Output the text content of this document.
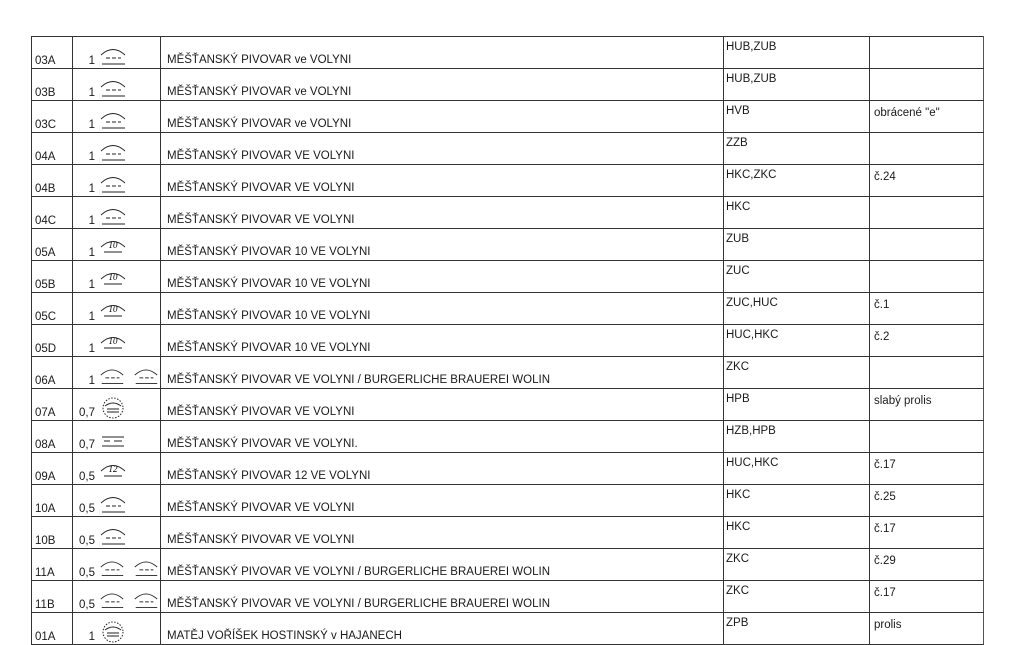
03A	1		MĚŠŤANSKÝ PIVOVAR ve VOLYNI	HUB,ZUB	
03B	1		MĚŠŤANSKÝ PIVOVAR ve VOLYNI	HUB,ZUB	
03C	1		MĚŠŤANSKÝ PIVOVAR ve VOLYNI	HVB	obrácené "e"
04A	1		MĚŠŤANSKÝ PIVOVAR VE VOLYNI	ZZB	
04B	1		MĚŠŤANSKÝ PIVOVAR VE VOLYNI	HKC,ZKC	č.24
04C	1		MĚŠŤANSKÝ PIVOVAR VE VOLYNI	HKC	
05A	1	10	MĚŠŤANSKÝ PIVOVAR 10 VE VOLYNI	ZUB	
05B	1	10	MĚŠŤANSKÝ PIVOVAR 10 VE VOLYNI	ZUC	
05C	1	10	MĚŠŤANSKÝ PIVOVAR 10 VE VOLYNI	ZUC,HUC	č.1
05D	1	10	MĚŠŤANSKÝ PIVOVAR 10 VE VOLYNI	HUC,HKC	č.2
06A	1		MĚŠŤANSKÝ PIVOVAR VE VOLYNI / BURGERLICHE BRAUEREI WOLIN	ZKC	
07A	0,7		MĚŠŤANSKÝ PIVOVAR VE VOLYNI	HPB	slabý prolis
08A	0,7		MĚŠŤANSKÝ PIVOVAR VE VOLYNI.	HZB,HPB	
09A	0,5	12	MĚŠŤANSKÝ PIVOVAR 12 VE VOLYNI	HUC,HKC	č.17
10A	0,5		MĚŠŤANSKÝ PIVOVAR VE VOLYNI	HKC	č.25
10B	0,5		MĚŠŤANSKÝ PIVOVAR VE VOLYNI	HKC	č.17
11A	0,5		MĚŠŤANSKÝ PIVOVAR VE VOLYNI / BURGERLICHE BRAUEREI WOLIN	ZKC	č.29
11B	0,5		MĚŠŤANSKÝ PIVOVAR VE VOLYNI / BURGERLICHE BRAUEREI WOLIN	ZKC	č.17
01A	1		MATĚJ VOŘÍŠEK HOSTINSKÝ v HAJANECH	ZPB	prolis
